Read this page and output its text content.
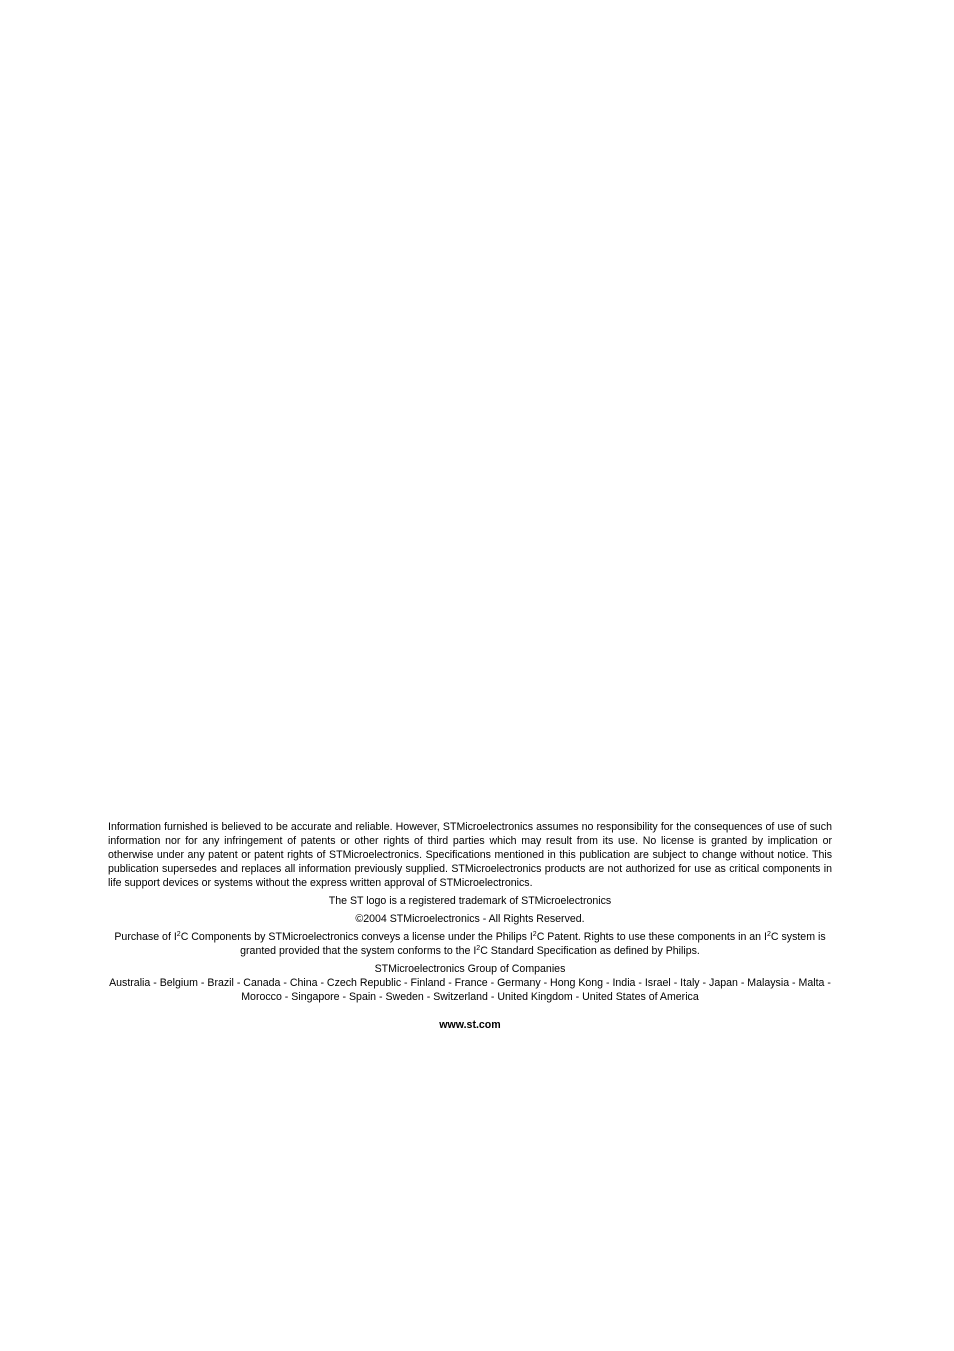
Information furnished is believed to be accurate and reliable. However, STMicroelectronics assumes no responsibility for the consequences of use of such information nor for any infringement of patents or other rights of third parties which may result from its use. No license is granted by implication or otherwise under any patent or patent rights of STMicroelectronics. Specifications mentioned in this publication are subject to change without notice. This publication supersedes and replaces all information previously supplied. STMicroelectronics products are not authorized for use as critical components in life support devices or systems without the express written approval of STMicroelectronics.

The ST logo is a registered trademark of STMicroelectronics

©2004 STMicroelectronics - All Rights Reserved.

Purchase of $I^2C$ Components by STMicroelectronics conveys a license under the Philips $I^2C$ Patent. Rights to use these components in an $I^2C$ system is granted provided that the system conforms to the $I^2C$ Standard Specification as defined by Philips.

STMicroelectronics Group of Companies

Australia - Belgium - Brazil - Canada - China - Czech Republic - Finland - France - Germany - Hong Kong - India - Israel - Italy - Japan - Malaysia - Malta - Morocco - Singapore - Spain - Sweden - Switzerland - United Kingdom - United States of America

www.st.com
